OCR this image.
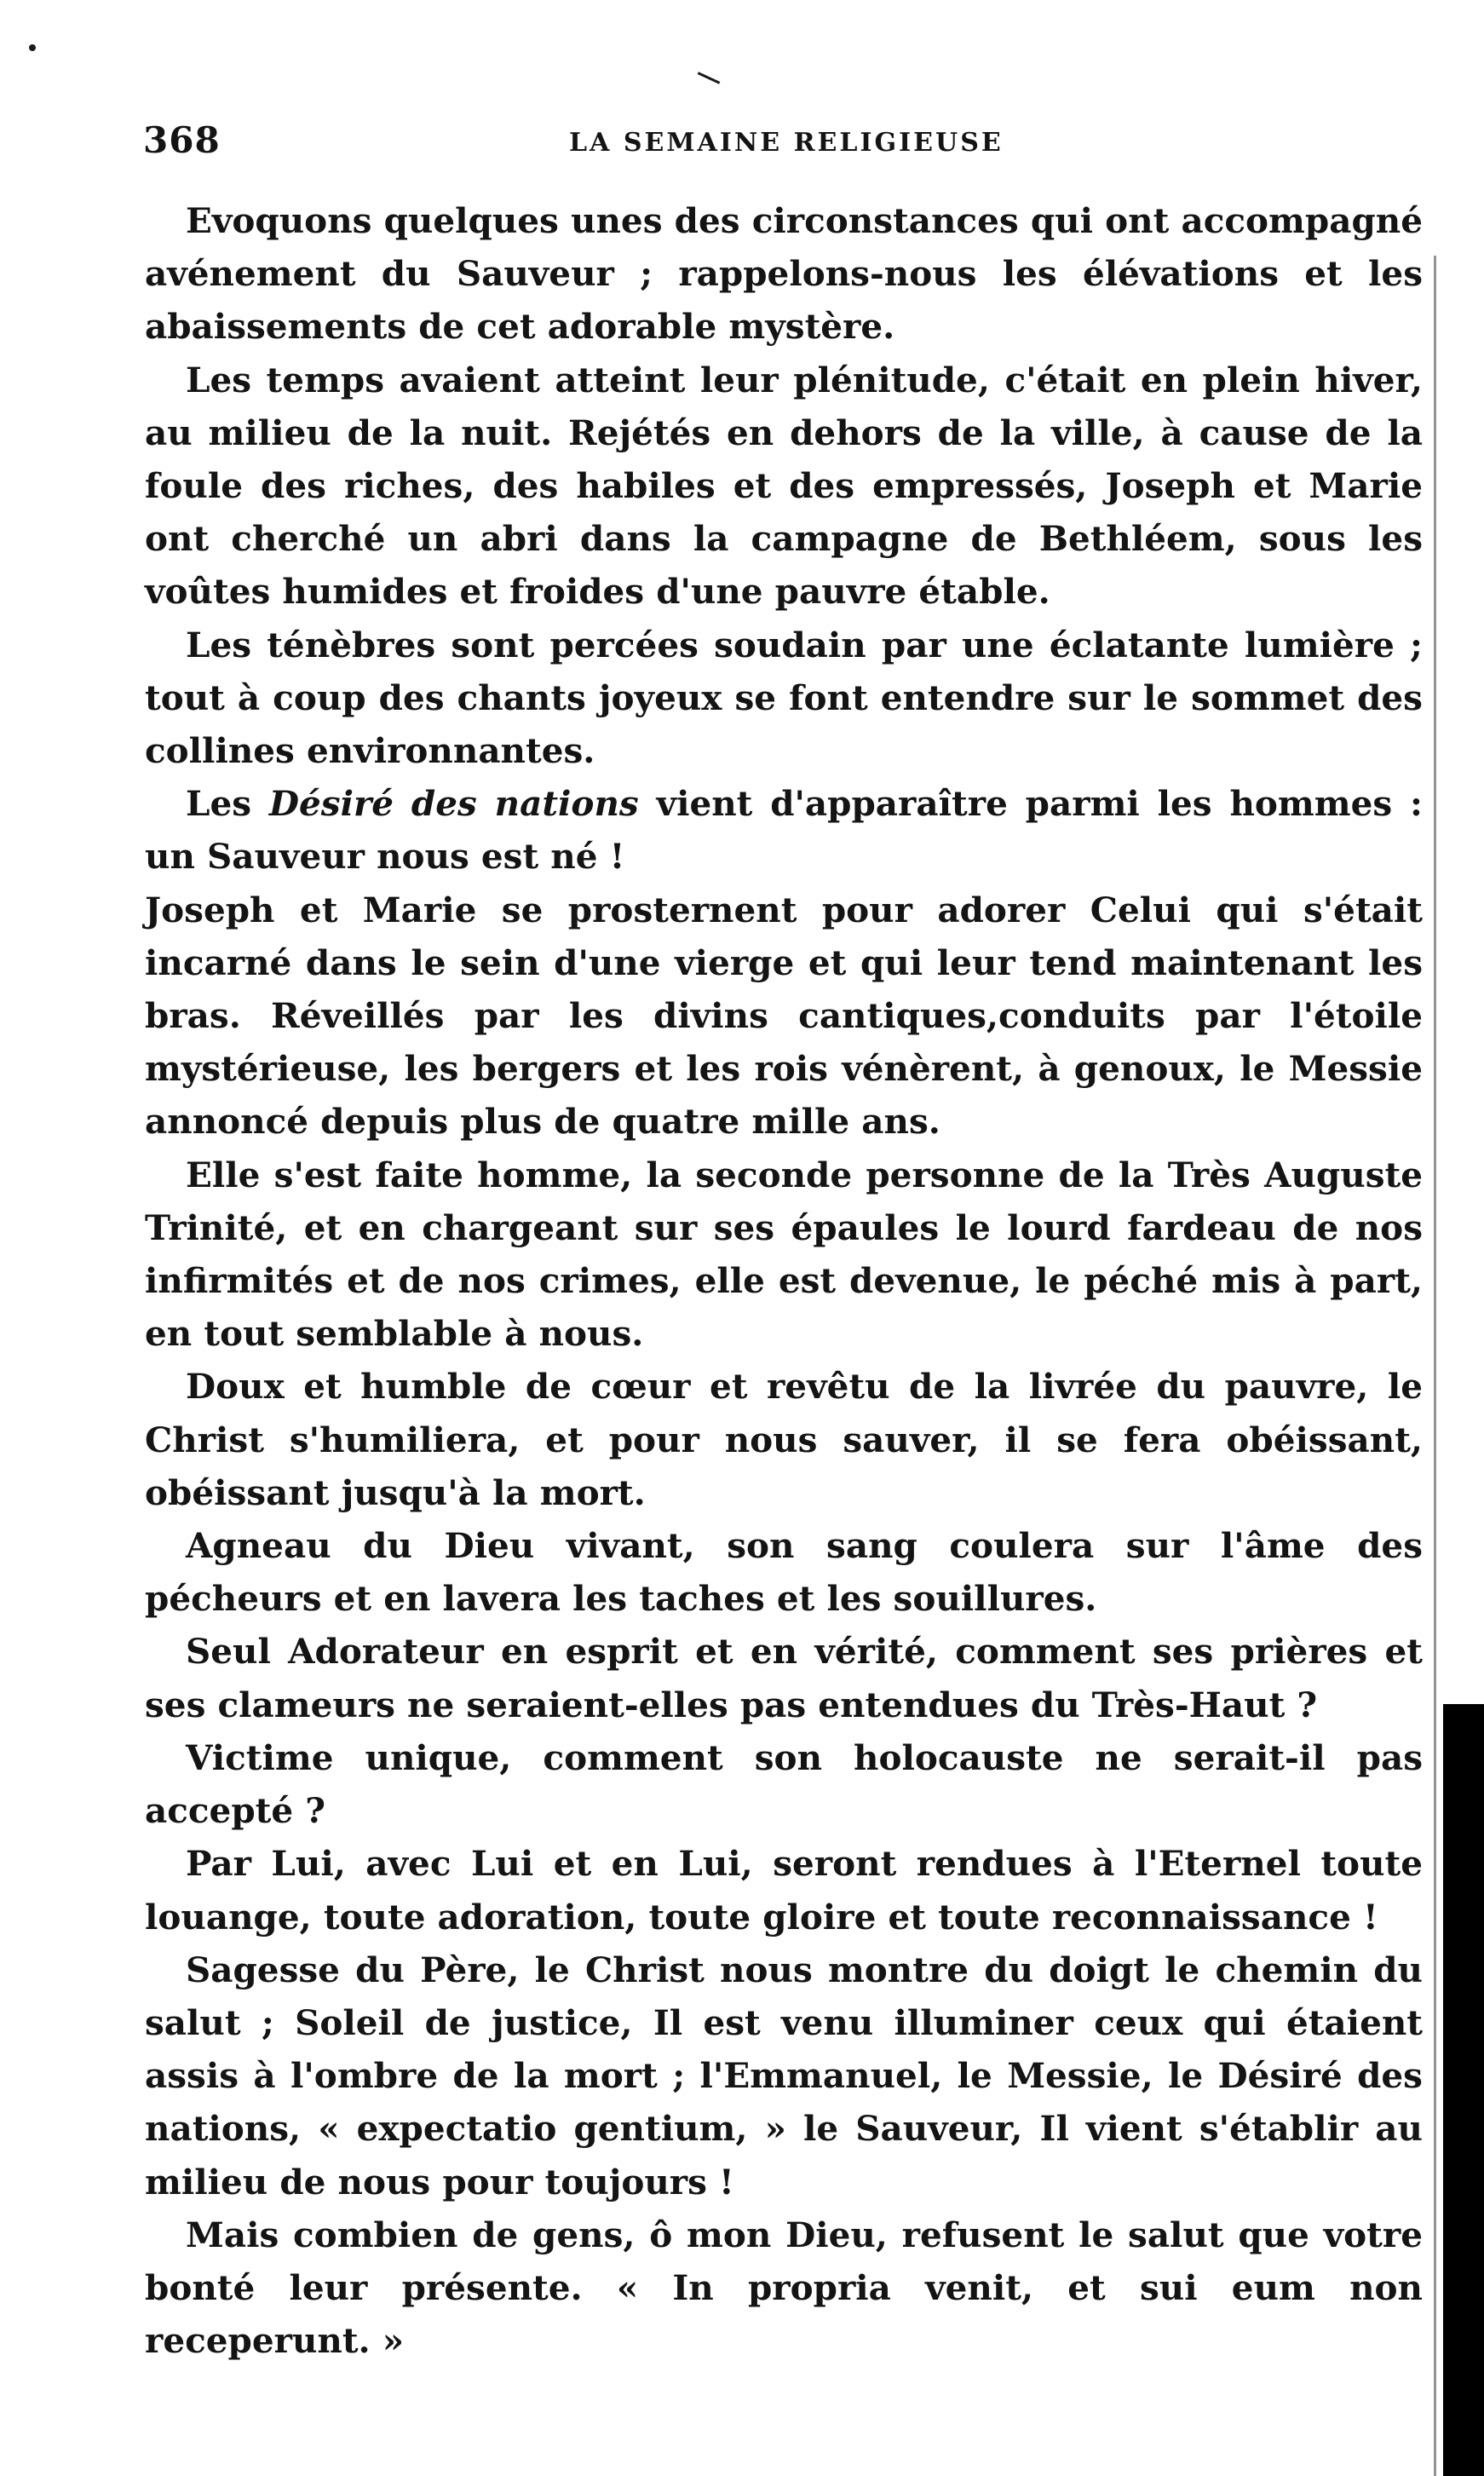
368	LA SEMAINE RELIGIEUSE

Evoquons quelques unes des circonstances qui ont accompagné avénement du Sauveur ; rappelons-nous les élévations et les abaissements de cet adorable mystère.

Les temps avaient atteint leur plénitude, c'était en plein hiver, au milieu de la nuit. Rejétés en dehors de la ville, à cause de la foule des riches, des habiles et des empressés, Joseph et Marie ont cherché un abri dans la campagne de Bethléem, sous les voûtes humides et froides d'une pauvre étable.

Les ténèbres sont percées soudain par une éclatante lumière ; tout à coup des chants joyeux se font entendre sur le sommet des collines environnantes.

Les Désiré des nations vient d'apparaître parmi les hommes : un Sauveur nous est né !

Joseph et Marie se prosternent pour adorer Celui qui s'était incarné dans le sein d'une vierge et qui leur tend maintenant les bras. Réveillés par les divins cantiques,conduits par l'étoile mystérieuse, les bergers et les rois vénèrent, à genoux, le Messie annoncé depuis plus de quatre mille ans.

Elle s'est faite homme, la seconde personne de la Très Auguste Trinité, et en chargeant sur ses épaules le lourd fardeau de nos infirmités et de nos crimes, elle est devenue, le péché mis à part, en tout semblable à nous.

Doux et humble de cœur et revêtu de la livrée du pauvre, le Christ s'humiliera, et pour nous sauver, il se fera obéissant, obéissant jusqu'à la mort.

Agneau du Dieu vivant, son sang coulera sur l'âme des pécheurs et en lavera les taches et les souillures.

Seul Adorateur en esprit et en vérité, comment ses prières et ses clameurs ne seraient-elles pas entendues du Très-Haut ?

Victime unique, comment son holocauste ne serait-il pas accepté ?

Par Lui, avec Lui et en Lui, seront rendues à l'Eternel toute louange, toute adoration, toute gloire et toute reconnaissance !

Sagesse du Père, le Christ nous montre du doigt le chemin du salut ; Soleil de justice, Il est venu illuminer ceux qui étaient assis à l'ombre de la mort ; l'Emmanuel, le Messie, le Désiré des nations, « expectatio gentium, » le Sauveur, Il vient s'établir au milieu de nous pour toujours !

Mais combien de gens, ô mon Dieu, refusent le salut que votre bonté leur présente. « In propria venit, et sui eum non receperunt. »
